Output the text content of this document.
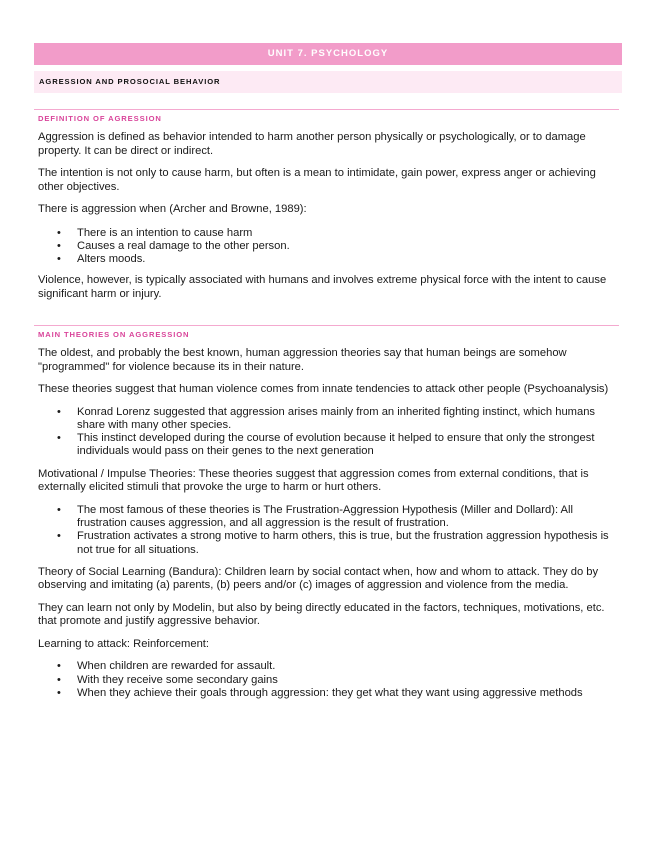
UNIT 7. PSYCHOLOGY
AGRESSION AND PROSOCIAL BEHAVIOR
DEFINITION OF AGRESSION

Aggression is defined as behavior intended to harm another person physically or psychologically, or to damage property. It can be direct or indirect.

The intention is not only to cause harm, but often is a mean to intimidate, gain power, express anger or achieving other objectives.

There is aggression when (Archer and Browne, 1989):

• There is an intention to cause harm
• Causes a real damage to the other person.
• Alters moods.

Violence, however, is typically associated with humans and involves extreme physical force with the intent to cause significant harm or injury.

MAIN THEORIES ON AGGRESSION

The oldest, and probably the best known, human aggression theories say that human beings are somehow "programmed" for violence because its in their nature.

These theories suggest that human violence comes from innate tendencies to attack other people (Psychoanalysis)

• Konrad Lorenz suggested that aggression arises mainly from an inherited fighting instinct, which humans share with many other species.
• This instinct developed during the course of evolution because it helped to ensure that only the strongest individuals would pass on their genes to the next generation

Motivational / Impulse Theories: These theories suggest that aggression comes from external conditions, that is externally elicited stimuli that provoke the urge to harm or hurt others.

• The most famous of these theories is The Frustration-Aggression Hypothesis (Miller and Dollard): All frustration causes aggression, and all aggression is the result of frustration.
• Frustration activates a strong motive to harm others, this is true, but the frustration aggression hypothesis is not true for all situations.

Theory of Social Learning (Bandura): Children learn by social contact when, how and whom to attack. They do by observing and imitating (a) parents, (b) peers and/or (c) images of aggression and violence from the media.

They can learn not only by Modelin, but also by being directly educated in the factors, techniques, motivations, etc. that promote and justify aggressive behavior.

Learning to attack: Reinforcement:

• When children are rewarded for assault.
• With they receive some secondary gains
• When they achieve their goals through aggression: they get what they want using aggressive methods
